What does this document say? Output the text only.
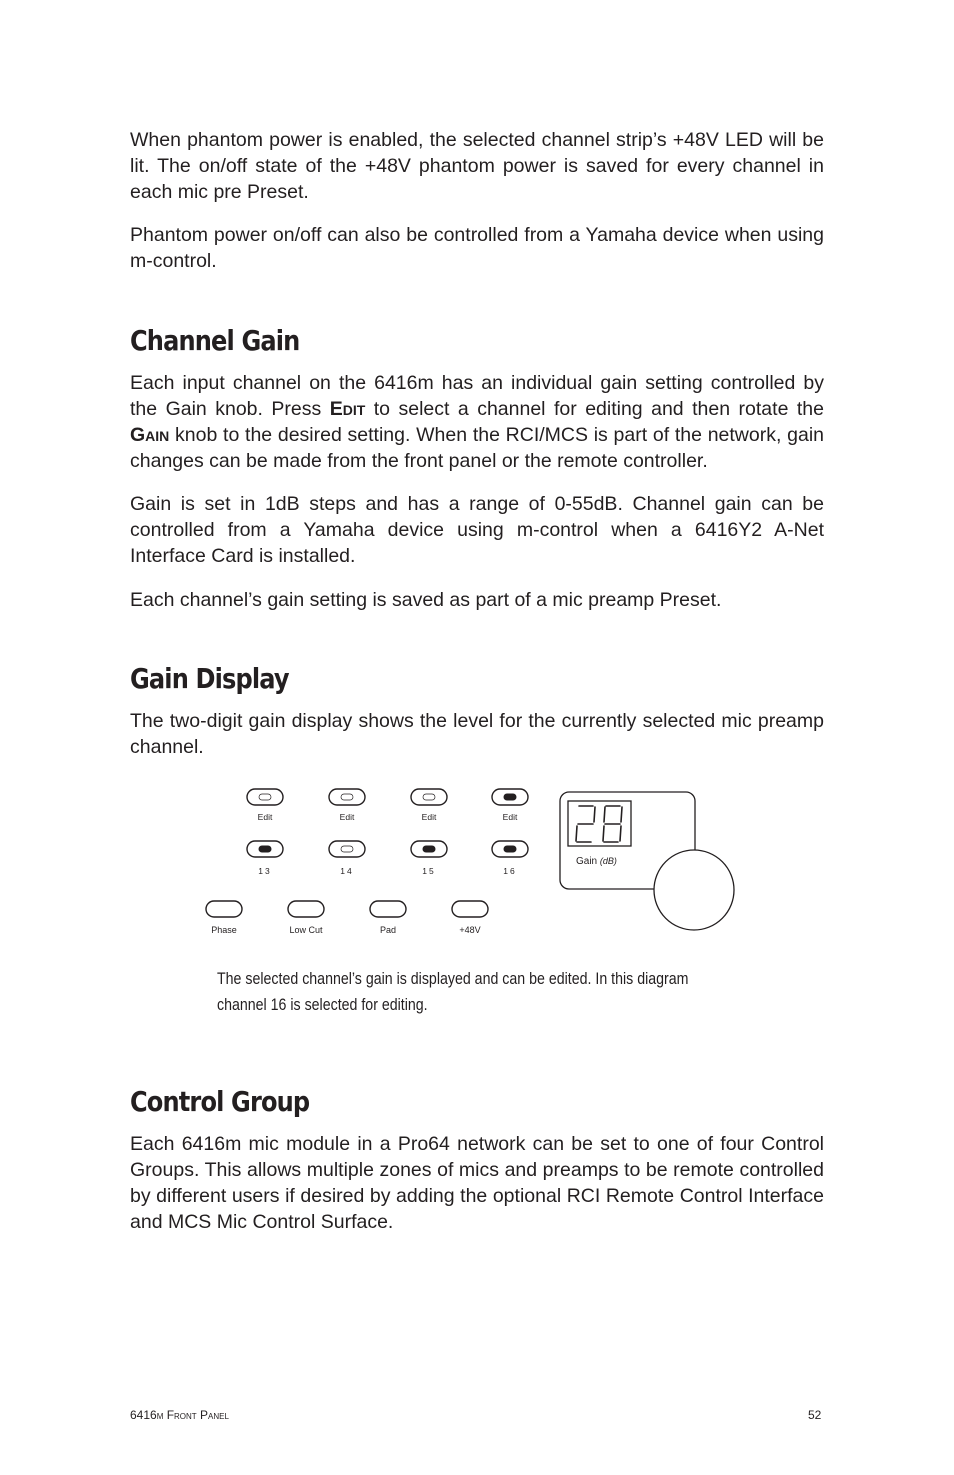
When phantom power is enabled, the selected channel strip’s +48V LED will be lit. The on/off state of the +48V phantom power is saved for every channel in each mic pre Preset.

Phantom power on/off can also be controlled from a Yamaha device when using m-control.

Channel Gain

Each input channel on the 6416m has an individual gain setting controlled by the Gain knob. Press Edit to select a channel for editing and then rotate the Gain knob to the desired setting. When the RCI/MCS is part of the network, gain changes can be made from the front panel or the remote controller.

Gain is set in 1dB steps and has a range of 0-55dB. Channel gain can be controlled from a Yamaha device using m-control when a 6416Y2 A-Net Interface Card is installed.

Each channel’s gain setting is saved as part of a mic preamp Preset.

Gain Display

The two-digit gain display shows the level for the currently selected mic preamp channel.

Edit	Edit	Edit	Edit
13	14	15	16
Phase	Low Cut	Pad	+48V
Gain (dB)

The selected channel’s gain is displayed and can be edited. In this diagram
channel 16 is selected for editing.

Control Group

Each 6416m mic module in a Pro64 network can be set to one of four Control Groups. This allows multiple zones of mics and preamps to be remote controlled by different users if desired by adding the optional RCI Remote Control Interface and MCS Mic Control Surface.

6416m Front Panel	52
